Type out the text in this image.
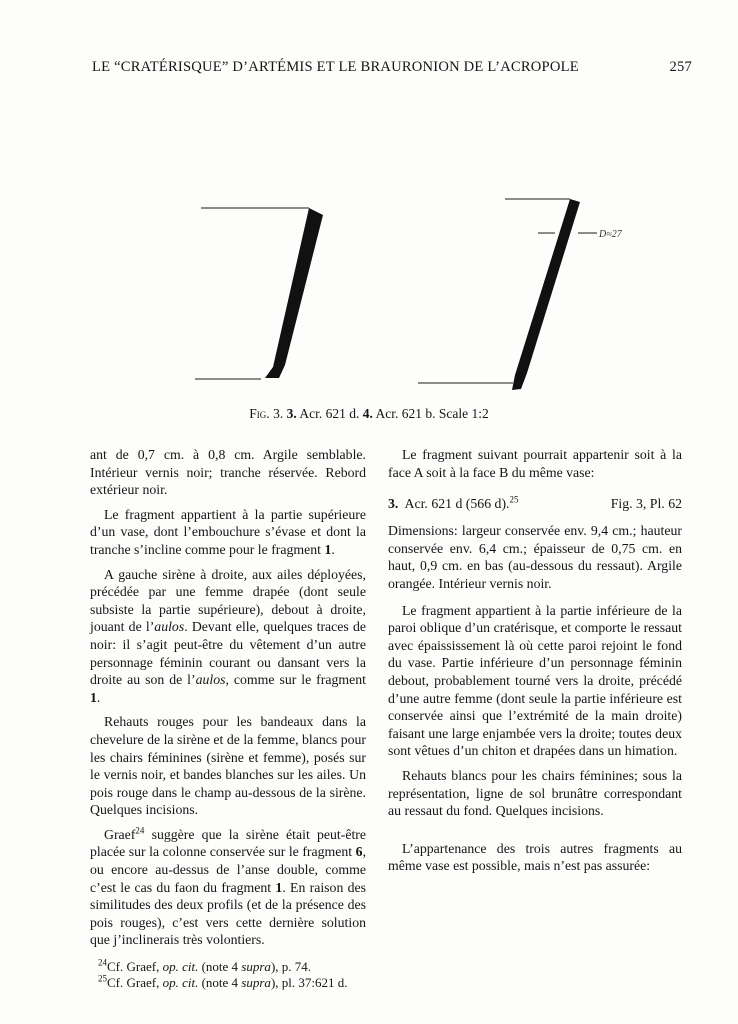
LE “CRATÉRISQUE” D’ARTÉMIS ET LE BRAURONION DE L’ACROPOLE	257
D≈27
Fig. 3. 3. Acr. 621 d. 4. Acr. 621 b. Scale 1:2

ant de 0,7 cm. à 0,8 cm. Argile semblable. Intérieur vernis noir; tranche réservée. Rebord extérieur noir.

Le fragment appartient à la partie supérieure d’un vase, dont l’embouchure s’évase et dont la tranche s’incline comme pour le fragment 1.

A gauche sirène à droite, aux ailes déployées, précédée par une femme drapée (dont seule subsiste la partie supérieure), debout à droite, jouant de l’aulos. Devant elle, quelques traces de noir: il s’agit peut-être du vêtement d’un autre personnage féminin courant ou dansant vers la droite au son de l’aulos, comme sur le fragment 1.

Rehauts rouges pour les bandeaux dans la chevelure de la sirène et de la femme, blancs pour les chairs féminines (sirène et femme), posés sur le vernis noir, et bandes blanches sur les ailes. Un pois rouge dans le champ au-dessous de la sirène. Quelques incisions.

Graef$^{24}$ suggère que la sirène était peut-être placée sur la colonne conservée sur le fragment 6, ou encore au-dessus de l’anse double, comme c’est le cas du faon du fragment 1. En raison des similitudes des deux profils (et de la présence des pois rouges), c’est vers cette dernière solution que j’inclinerais très volontiers.

$^{24}$Cf. Graef, op. cit. (note 4 supra), p. 74.

$^{25}$Cf. Graef, op. cit. (note 4 supra), pl. 37:621 d.

Le fragment suivant pourrait appartenir soit à la face A soit à la face B du même vase:

3. Acr. 621 d (566 d).$^{25}$	Fig. 3, Pl. 62

Dimensions: largeur conservée env. 9,4 cm.; hauteur conservée env. 6,4 cm.; épaisseur de 0,75 cm. en haut, 0,9 cm. en bas (au-dessous du ressaut). Argile orangée. Intérieur vernis noir.

Le fragment appartient à la partie inférieure de la paroi oblique d’un cratérisque, et comporte le ressaut avec épaississement là où cette paroi rejoint le fond du vase. Partie inférieure d’un personnage féminin debout, probablement tourné vers la droite, précédé d’une autre femme (dont seule la partie inférieure est conservée ainsi que l’extrémité de la main droite) faisant une large enjambée vers la droite; toutes deux sont vêtues d’un chiton et drapées dans un himation.

Rehauts blancs pour les chairs féminines; sous la représentation, ligne de sol brunâtre correspondant au ressaut du fond. Quelques incisions.

L’appartenance des trois autres fragments au même vase est possible, mais n’est pas assurée:
